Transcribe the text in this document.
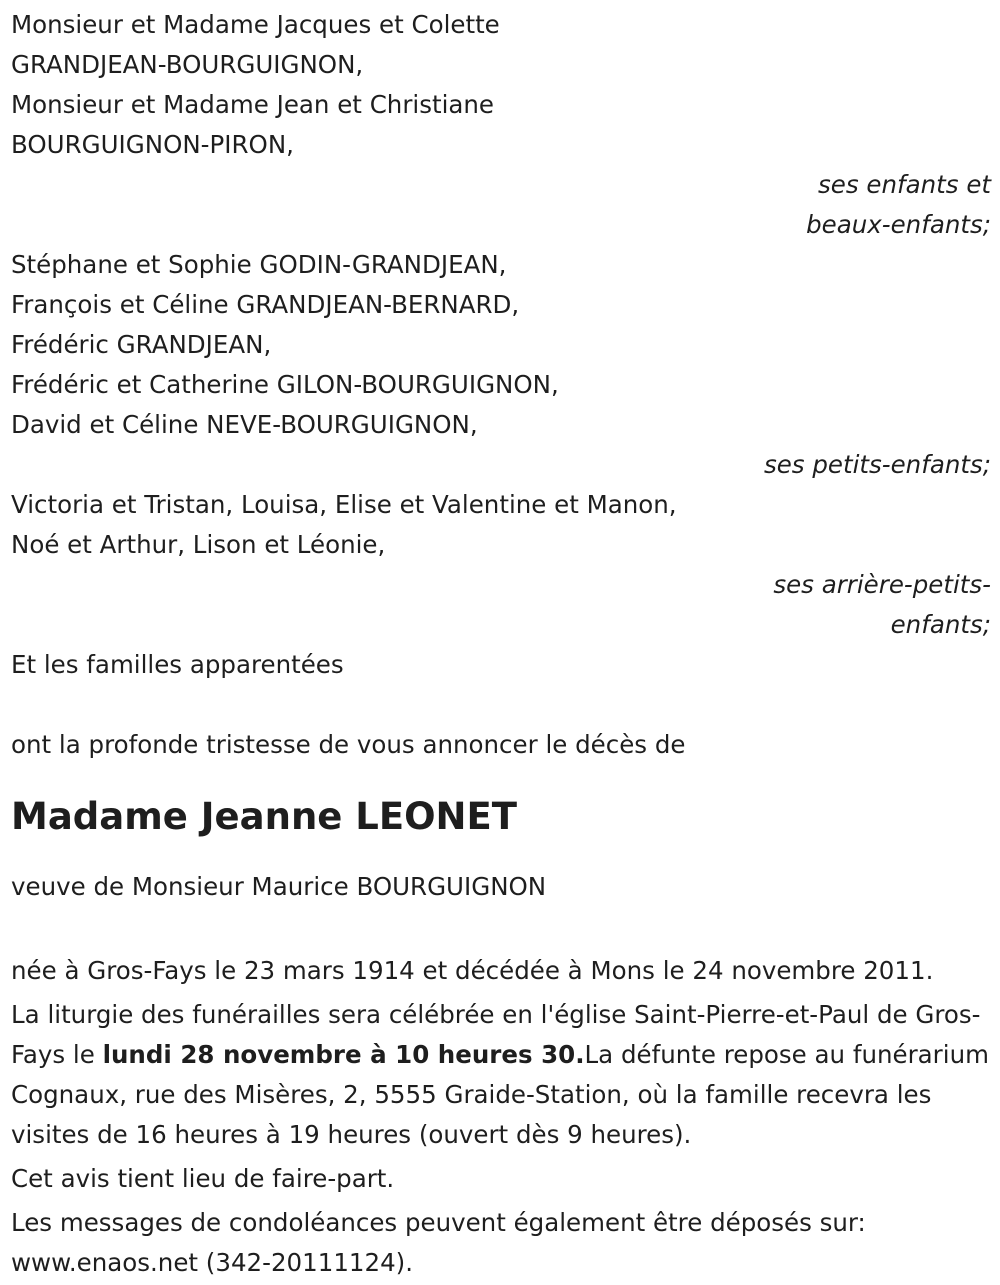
Monsieur et Madame Jacques et Colette
GRANDJEAN-BOURGUIGNON,
Monsieur et Madame Jean et Christiane
BOURGUIGNON-PIRON,
ses enfants et
beaux-enfants;
Stéphane et Sophie GODIN-GRANDJEAN,
François et Céline GRANDJEAN-BERNARD,
Frédéric GRANDJEAN,
Frédéric et Catherine GILON-BOURGUIGNON,
David et Céline NEVE-BOURGUIGNON,
ses petits-enfants;
Victoria et Tristan, Louisa, Elise et Valentine et Manon,
Noé et Arthur, Lison et Léonie,
ses arrière-petits-
enfants;
Et les familles apparentées
ont la profonde tristesse de vous annoncer le décès de
Madame Jeanne LEONET
veuve de Monsieur Maurice BOURGUIGNON
née à Gros-Fays le 23 mars 1914 et décédée à Mons le 24 novembre 2011.

La liturgie des funérailles sera célébrée en l'église Saint-Pierre-et-Paul de Gros-Fays le lundi 28 novembre à 10 heures 30.La défunte repose au funérarium Cognaux, rue des Misères, 2, 5555 Graide-Station, où la famille recevra les visites de 16 heures à 19 heures (ouvert dès 9 heures).

Cet avis tient lieu de faire-part.

Les messages de condoléances peuvent également être déposés sur: www.enaos.net (342-20111124).
